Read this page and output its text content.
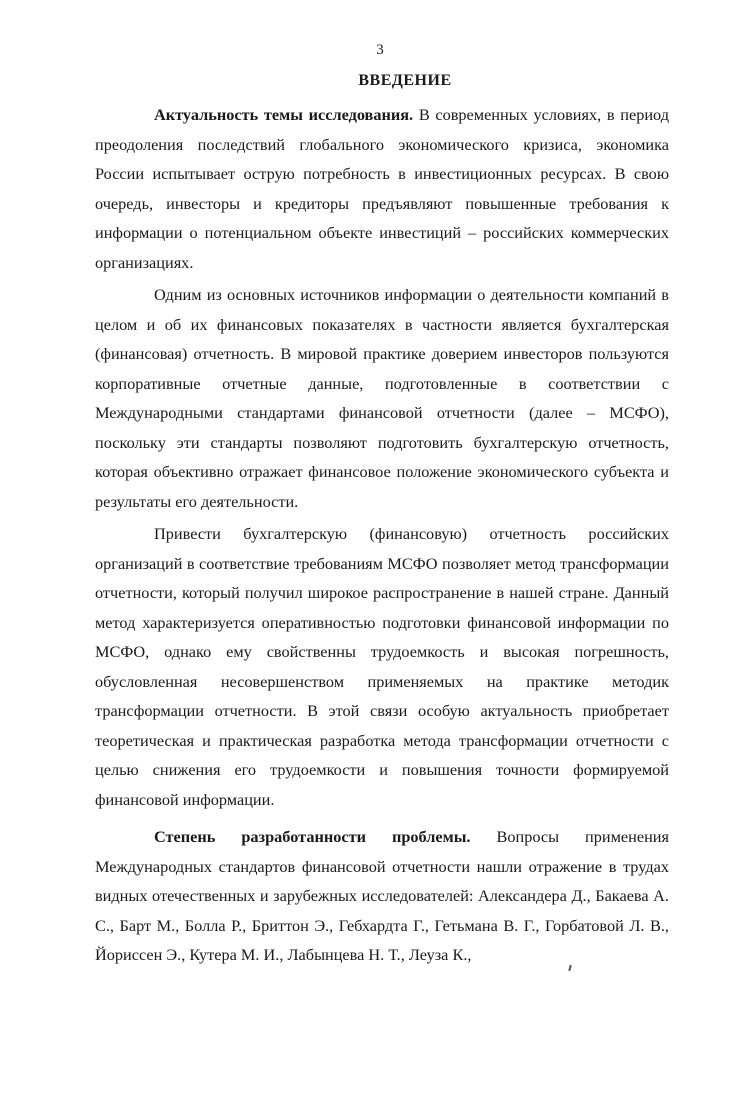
3
ВВЕДЕНИЕ

Актуальность темы исследования. В современных условиях, в период преодоления последствий глобального экономического кризиса, экономика России испытывает острую потребность в инвестиционных ресурсах. В свою очередь, инвесторы и кредиторы предъявляют повышенные требования к информации о потенциальном объекте инвестиций – российских коммерческих организациях.

Одним из основных источников информации о деятельности компаний в целом и об их финансовых показателях в частности является бухгалтерская (финансовая) отчетность. В мировой практике доверием инвесторов пользуются корпоративные отчетные данные, подготовленные в соответствии с Международными стандартами финансовой отчетности (далее – МСФО), поскольку эти стандарты позволяют подготовить бухгалтерскую отчетность, которая объективно отражает финансовое положение экономического субъекта и результаты его деятельности.

Привести бухгалтерскую (финансовую) отчетность российских организаций в соответствие требованиям МСФО позволяет метод трансформации отчетности, который получил широкое распространение в нашей стране. Данный метод характеризуется оперативностью подготовки финансовой информации по МСФО, однако ему свойственны трудоемкость и высокая погрешность, обусловленная несовершенством применяемых на практике методик трансформации отчетности. В этой связи особую актуальность приобретает теоретическая и практическая разработка метода трансформации отчетности с целью снижения его трудоемкости и повышения точности формируемой финансовой информации.

Степень разработанности проблемы. Вопросы применения Международных стандартов финансовой отчетности нашли отражение в трудах видных отечественных и зарубежных исследователей: Александера Д., Бакаева А. С., Барт М., Болла Р., Бриттон Э., Гебхардта Г., Гетьмана В. Г., Горбатовой Л. В., Йориссен Э., Кутера М. И., Лабынцева Н. Т., Леуза К.,
